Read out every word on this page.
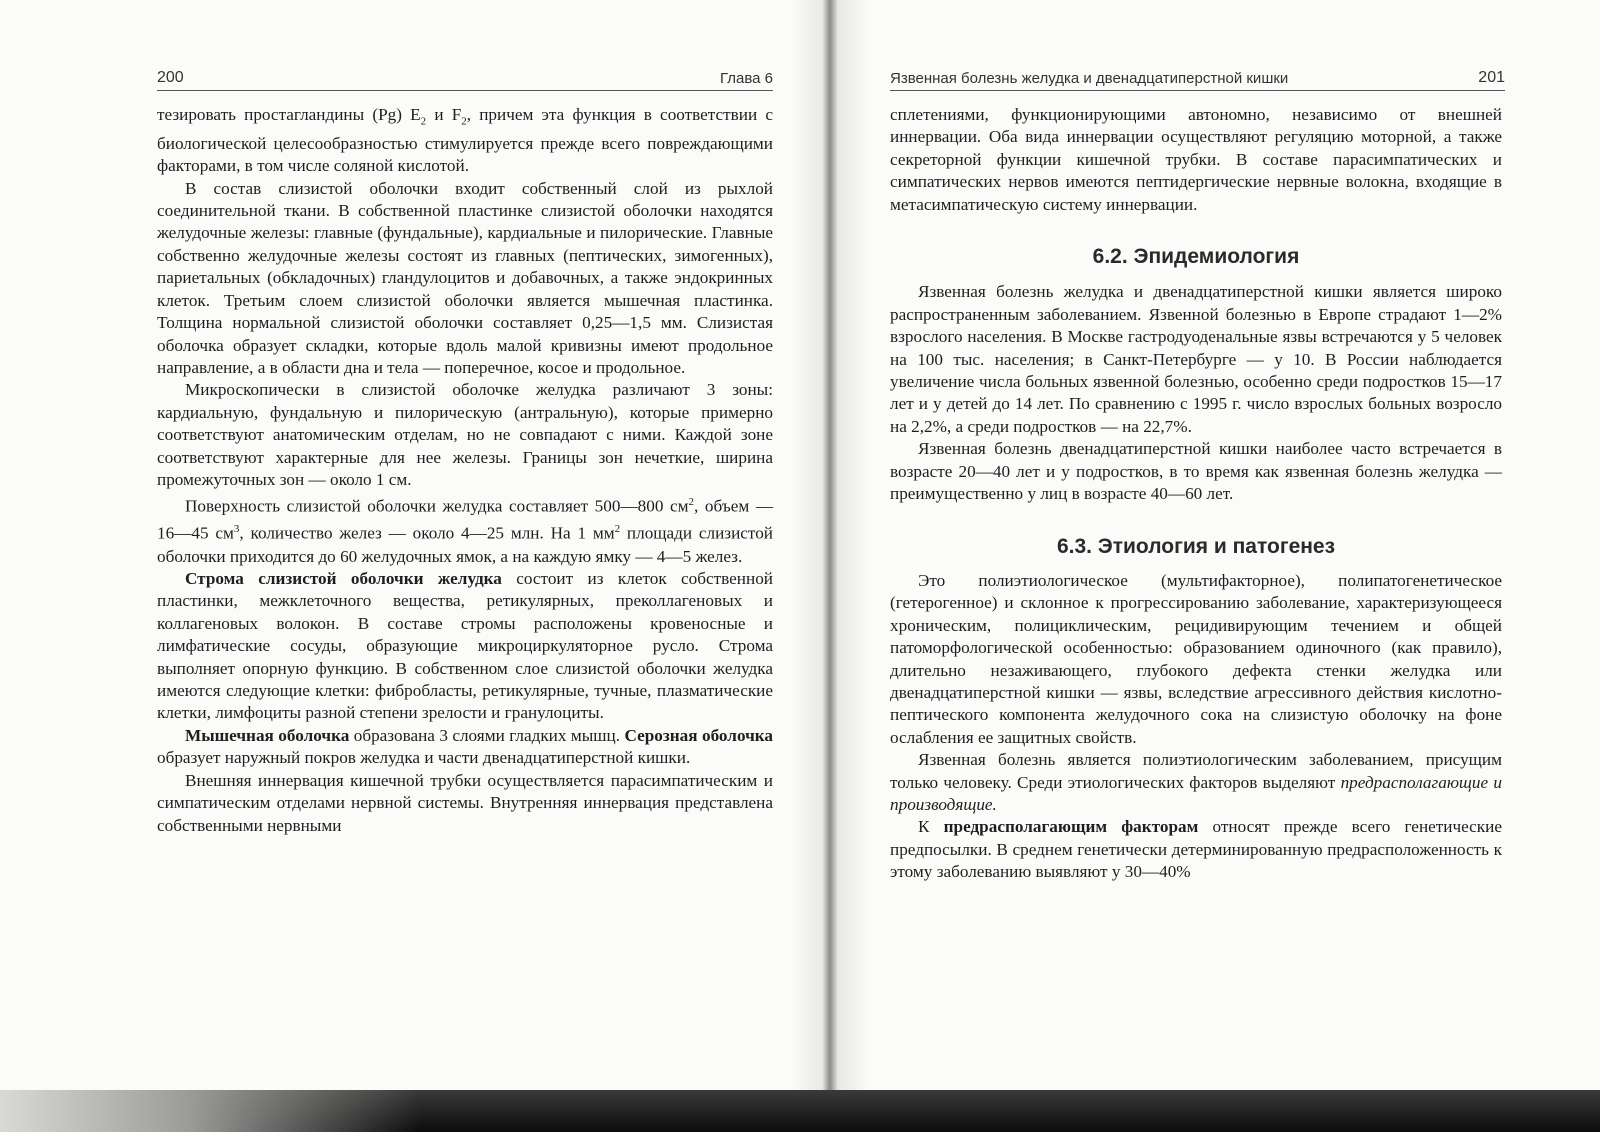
200	Глава 6

тезировать простагландины (Pg) $E_2$ и $F_2$, причем эта функция в соответствии с биологической целесообразностью стимулируется прежде всего повреждающими факторами, в том числе соляной кислотой.

В состав слизистой оболочки входит собственный слой из рыхлой соединительной ткани. В собственной пластинке слизистой оболочки находятся желудочные железы: главные (фундальные), кардиальные и пилорические. Главные собственно желудочные железы состоят из главных (пептических, зимогенных), париетальных (обкладочных) гландулоцитов и добавочных, а также эндокринных клеток. Третьим слоем слизистой оболочки является мышечная пластинка. Толщина нормальной слизистой оболочки составляет 0,25—1,5 мм. Слизистая оболочка образует складки, которые вдоль малой кривизны имеют продольное направление, а в области дна и тела — поперечное, косое и продольное.

Микроскопически в слизистой оболочке желудка различают 3 зоны: кардиальную, фундальную и пилорическую (антральную), которые примерно соответствуют анатомическим отделам, но не совпадают с ними. Каждой зоне соответствуют характерные для нее железы. Границы зон нечеткие, ширина промежуточных зон — около 1 см.

Поверхность слизистой оболочки желудка составляет 500—800 $см^2$, объем — 16—45 $см^3$, количество желез — около 4—25 млн. На 1 $мм^2$ площади слизистой оболочки приходится до 60 желудочных ямок, а на каждую ямку — 4—5 желез.

Строма слизистой оболочки желудка состоит из клеток собственной пластинки, межклеточного вещества, ретикулярных, преколлагеновых и коллагеновых волокон. В составе стромы расположены кровеносные и лимфатические сосуды, образующие микроциркуляторное русло. Строма выполняет опорную функцию. В собственном слое слизистой оболочки желудка имеются следующие клетки: фибробласты, ретикулярные, тучные, плазматические клетки, лимфоциты разной степени зрелости и гранулоциты.

Мышечная оболочка образована 3 слоями гладких мышц. Серозная оболочка образует наружный покров желудка и части двенадцатиперстной кишки.

Внешняя иннервация кишечной трубки осуществляется парасимпатическим и симпатическим отделами нервной системы. Внутренняя иннервация представлена собственными нервными

Язвенная болезнь желудка и двенадцатиперстной кишки	201

сплетениями, функционирующими автономно, независимо от внешней иннервации. Оба вида иннервации осуществляют регуляцию моторной, а также секреторной функции кишечной трубки. В составе парасимпатических и симпатических нервов имеются пептидергические нервные волокна, входящие в метасимпатическую систему иннервации.

6.2. Эпидемиология

Язвенная болезнь желудка и двенадцатиперстной кишки является широко распространенным заболеванием. Язвенной болезнью в Европе страдают 1—2% взрослого населения. В Москве гастродуоденальные язвы встречаются у 5 человек на 100 тыс. населения; в Санкт-Петербурге — у 10. В России наблюдается увеличение числа больных язвенной болезнью, особенно среди подростков 15—17 лет и у детей до 14 лет. По сравнению с 1995 г. число взрослых больных возросло на 2,2%, а среди подростков — на 22,7%.

Язвенная болезнь двенадцатиперстной кишки наиболее часто встречается в возрасте 20—40 лет и у подростков, в то время как язвенная болезнь желудка — преимущественно у лиц в возрасте 40—60 лет.

6.3. Этиология и патогенез

Это полиэтиологическое (мультифакторное), полипатогенетическое (гетерогенное) и склонное к прогрессированию заболевание, характеризующееся хроническим, полициклическим, рецидивирующим течением и общей патоморфологической особенностью: образованием одиночного (как правило), длительно незаживающего, глубокого дефекта стенки желудка или двенадцатиперстной кишки — язвы, вследствие агрессивного действия кислотно-пептического компонента желудочного сока на слизистую оболочку на фоне ослабления ее защитных свойств.

Язвенная болезнь является полиэтиологическим заболеванием, присущим только человеку. Среди этиологических факторов выделяют предрасполагающие и производящие.

К предрасполагающим факторам относят прежде всего генетические предпосылки. В среднем генетически детерминированную предрасположенность к этому заболеванию выявляют у 30—40%
